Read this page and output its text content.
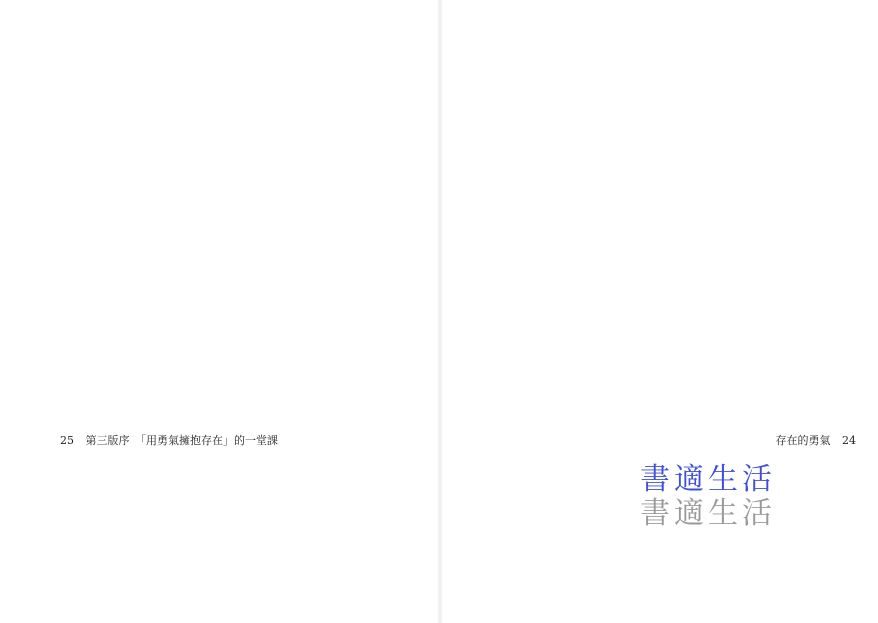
25 第三版序　「用勇氣擁抱存在」的一堂課	存在的勇氣 24
書適生活
書適生活
